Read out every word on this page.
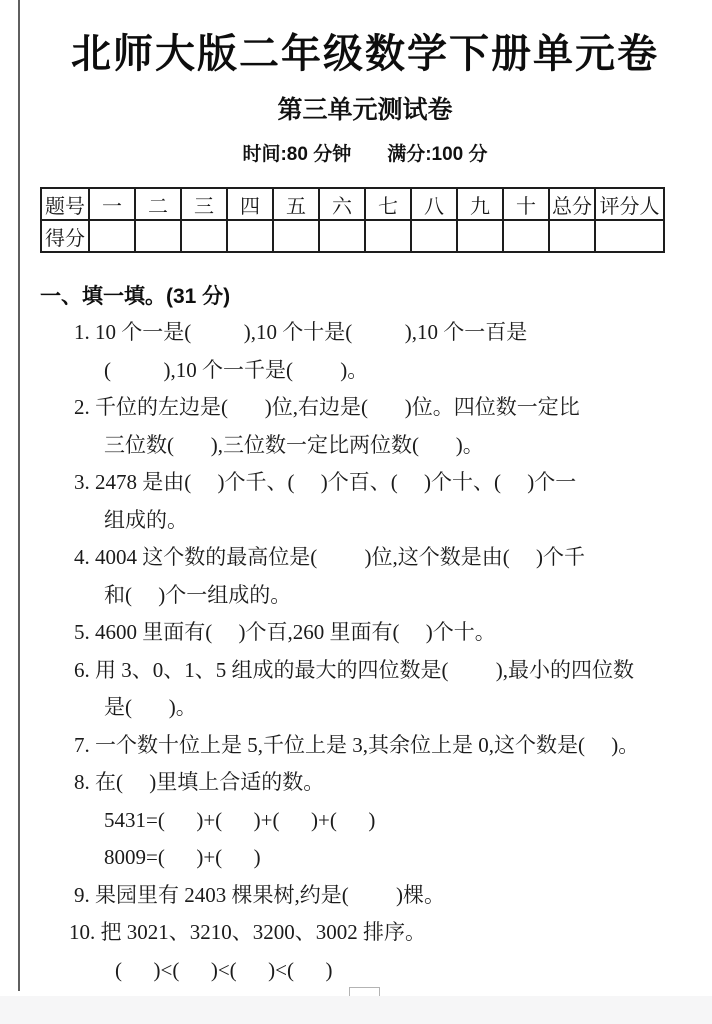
北师大版二年级数学下册单元卷
第三单元测试卷
时间:80 分钟 满分:100 分
题号	一	二	三	四	五	六	七	八	九	十	总分	评分人
得分												
一、填一填。(31 分)
1. 10 个一是(          ),10 个十是(          ),10 个一百是
(          ),10 个一千是(         )。
2. 千位的左边是(       )位,右边是(       )位。四位数一定比
三位数(       ),三位数一定比两位数(       )。
3. 2478 是由(     )个千、(     )个百、(     )个十、(     )个一
组成的。
4. 4004 这个数的最高位是(         )位,这个数是由(     )个千
和(     )个一组成的。
5. 4600 里面有(     )个百,260 里面有(     )个十。
6. 用 3、0、1、5 组成的最大的四位数是(         ),最小的四位数
是(       )。
7. 一个数十位上是 5,千位上是 3,其余位上是 0,这个数是(     )。
8. 在(     )里填上合适的数。
5431=(      )+(      )+(      )+(      )
8009=(      )+(      )
9. 果园里有 2403 棵果树,约是(         )棵。
10. 把 3021、3210、3200、3002 排序。
(      )<(      )<(      )<(      )
